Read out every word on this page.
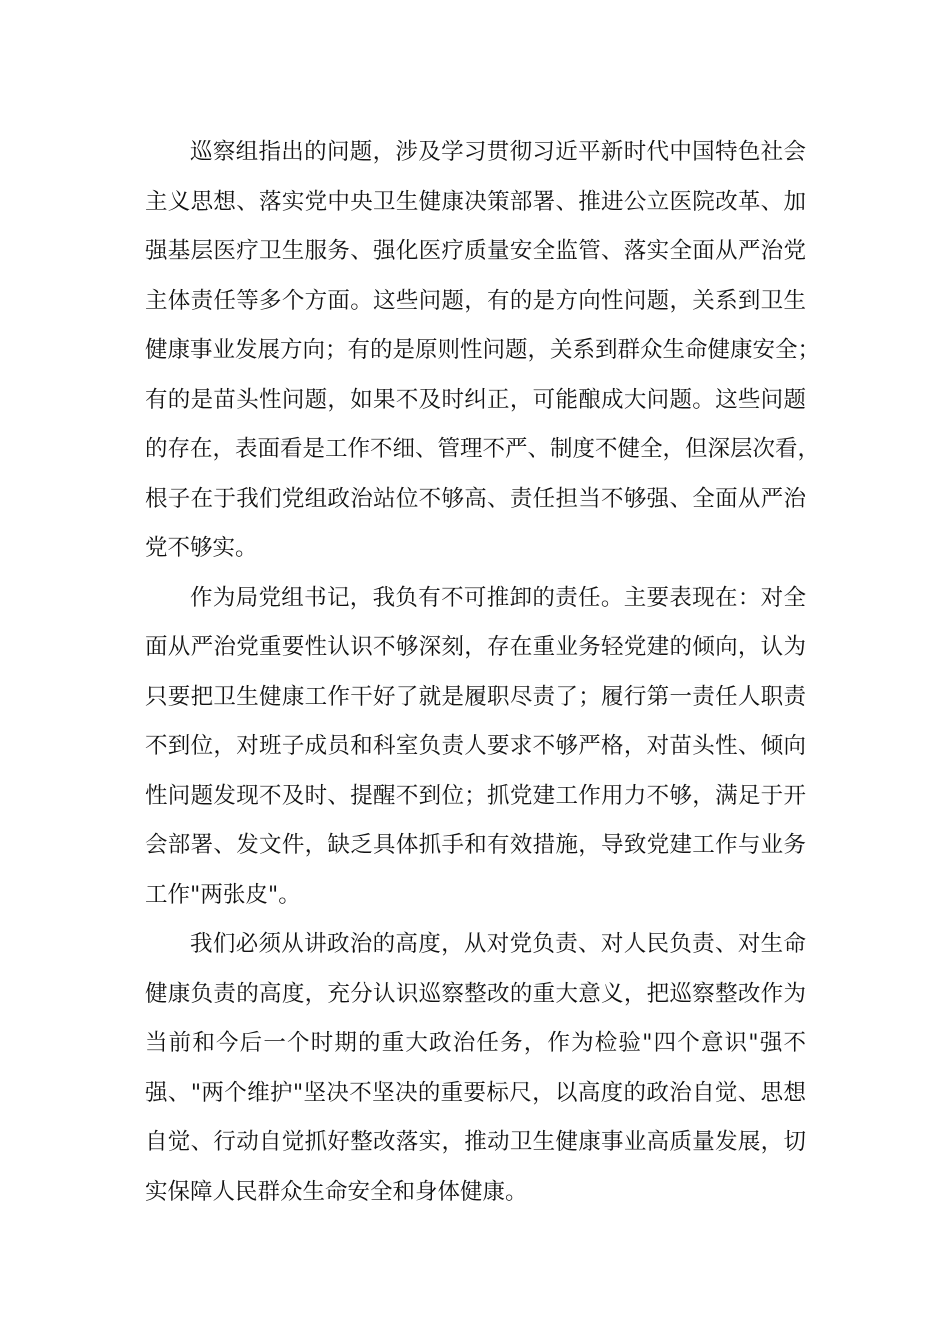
巡察组指出的问题，涉及学习贯彻习近平新时代中国特色社会
主义思想、落实党中央卫生健康决策部署、推进公立医院改革、加
强基层医疗卫生服务、强化医疗质量安全监管、落实全面从严治党
主体责任等多个方面。这些问题，有的是方向性问题，关系到卫生
健康事业发展方向；有的是原则性问题，关系到群众生命健康安全；
有的是苗头性问题，如果不及时纠正，可能酿成大问题。这些问题
的存在，表面看是工作不细、管理不严、制度不健全，但深层次看，
根子在于我们党组政治站位不够高、责任担当不够强、全面从严治
党不够实。
作为局党组书记，我负有不可推卸的责任。主要表现在：对全
面从严治党重要性认识不够深刻，存在重业务轻党建的倾向，认为
只要把卫生健康工作干好了就是履职尽责了；履行第一责任人职责
不到位，对班子成员和科室负责人要求不够严格，对苗头性、倾向
性问题发现不及时、提醒不到位；抓党建工作用力不够，满足于开
会部署、发文件，缺乏具体抓手和有效措施，导致党建工作与业务
工作"两张皮"。
我们必须从讲政治的高度，从对党负责、对人民负责、对生命
健康负责的高度，充分认识巡察整改的重大意义，把巡察整改作为
当前和今后一个时期的重大政治任务，作为检验"四个意识"强不
强、"两个维护"坚决不坚决的重要标尺，以高度的政治自觉、思想
自觉、行动自觉抓好整改落实，推动卫生健康事业高质量发展，切
实保障人民群众生命安全和身体健康。
